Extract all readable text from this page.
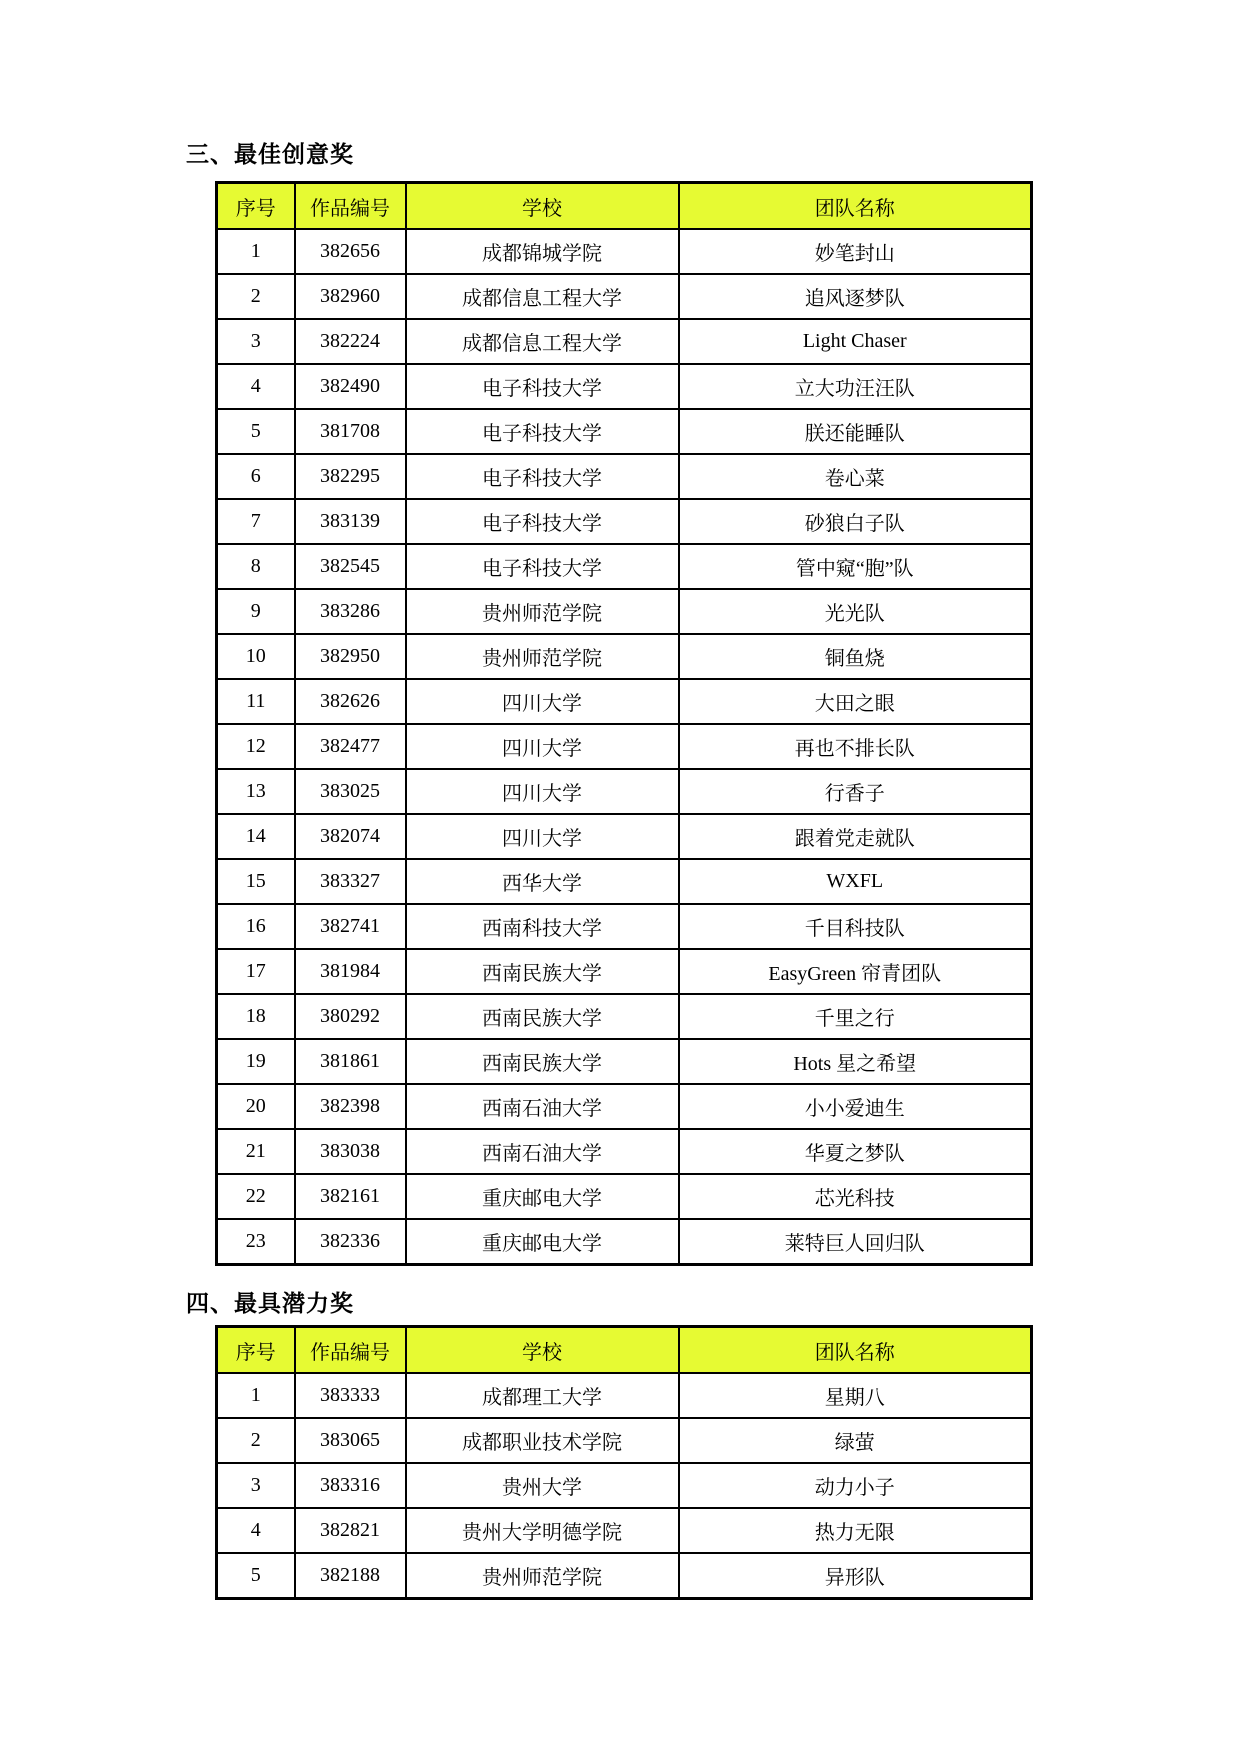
三、最佳创意奖
序号	作品编号	学校	团队名称
1	382656	成都锦城学院	妙笔封山
2	382960	成都信息工程大学	追风逐梦队
3	382224	成都信息工程大学	Light Chaser
4	382490	电子科技大学	立大功汪汪队
5	381708	电子科技大学	朕还能睡队
6	382295	电子科技大学	卷心菜
7	383139	电子科技大学	砂狼白子队
8	382545	电子科技大学	管中窥“胞”队
9	383286	贵州师范学院	光光队
10	382950	贵州师范学院	铜鱼烧
11	382626	四川大学	大田之眼
12	382477	四川大学	再也不排长队
13	383025	四川大学	行香子
14	382074	四川大学	跟着党走就队
15	383327	西华大学	WXFL
16	382741	西南科技大学	千目科技队
17	381984	西南民族大学	EasyGreen 帘青团队
18	380292	西南民族大学	千里之行
19	381861	西南民族大学	Hots 星之希望
20	382398	西南石油大学	小小爱迪生
21	383038	西南石油大学	华夏之梦队
22	382161	重庆邮电大学	芯光科技
23	382336	重庆邮电大学	莱特巨人回归队
四、最具潜力奖
序号	作品编号	学校	团队名称
1	383333	成都理工大学	星期八
2	383065	成都职业技术学院	绿萤
3	383316	贵州大学	动力小子
4	382821	贵州大学明德学院	热力无限
5	382188	贵州师范学院	异形队
